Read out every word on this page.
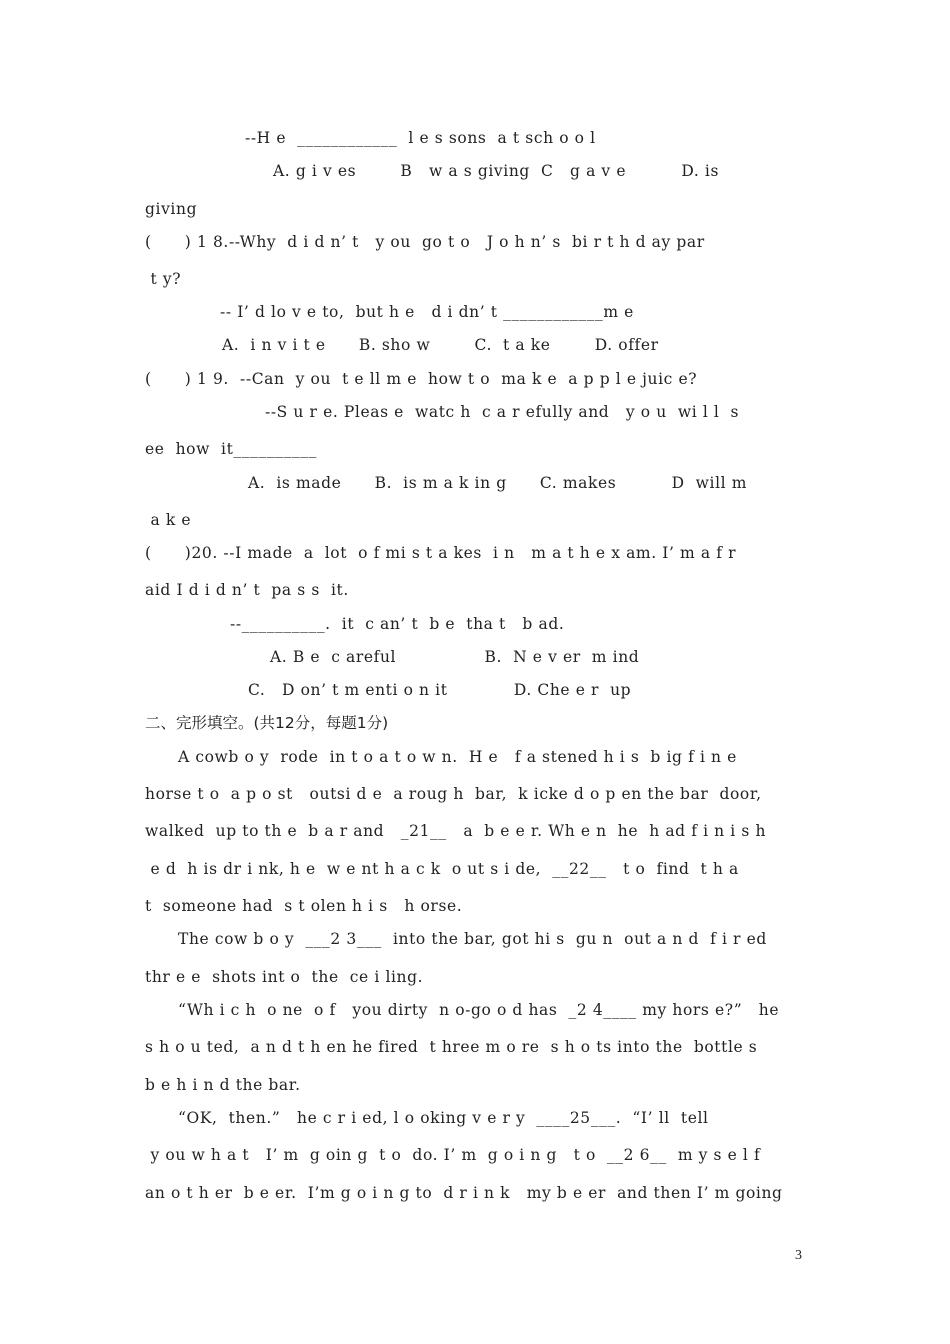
--H e  ____________  l e s sons  a t sch o o l
A. g i v es        B   w a s giving  C   g a v e          D. is
giving
(      ) 1 8.--Why  d i d n’ t   y ou  go t o   J o h n’ s  bi r t h d ay par
t y?
-- I’ d lo v e to,  but h e   d i dn’ t ____________m e
A.  i n v i t e      B. sho w        C.  t a ke        D. offer
(      ) 1 9.  --Can  y ou  t e ll m e  how t o  ma k e  a p p l e juic e?
--S u r e. Pleas e  watc h  c a r efully and   y o u  wi l l  s
ee  how  it__________
A.  is made      B.  is m a k in g      C. makes          D  will m
a k e
(      )20. --I made  a  lot  o f mi s t a kes  i n   m a t h e x am. I’ m a f r
aid I d i d n’ t  pa s s  it.
--__________.  it  c an’ t  b e  tha t   b ad.
A. B e  c areful                B.  N e v er  m ind
C.   D on’ t m enti o n it            D. Che e r  up
二、完形填空。(共12分，每题1分)
A cowb o y  rode  in t o a t o w n.  H e   f a stened h i s  b ig f i n e
horse t o  a p o st   outsi d e  a roug h  bar,  k icke d o p en the bar  door,
walked  up to th e  b a r and   _21__   a  b e e r. Wh e n  he  h ad f i n i s h
e d  h is dr i nk, h e  w e nt h a c k  o ut s i de,  __22__   t o  find  t h a
t  someone had  s t olen h i s   h orse.
The cow b o y  ___2 3___  into the bar, got hi s  gu n  out a n d  f i r ed
thr e e  shots int o  the  ce i ling.
“Wh i c h  o ne  o f   you dirty  n o-go o d has  _2 4____ my hors e?”   he
s h o u ted,  a n d t h en he fired  t hree m o re  s h o ts into the  bottle s
b e h i n d the bar.
“OK,  then.”   he c r i ed, l o oking v e r y  ____25___.  “I’ ll  tell
y ou w h a t   I’ m  g oin g  t o  do. I’ m  g o i n g   t o  __2 6__  m y s e l f
an o t h er  b e er.  I’m g o i n g to  d r i n k   my b e er  and then I’ m going
3
